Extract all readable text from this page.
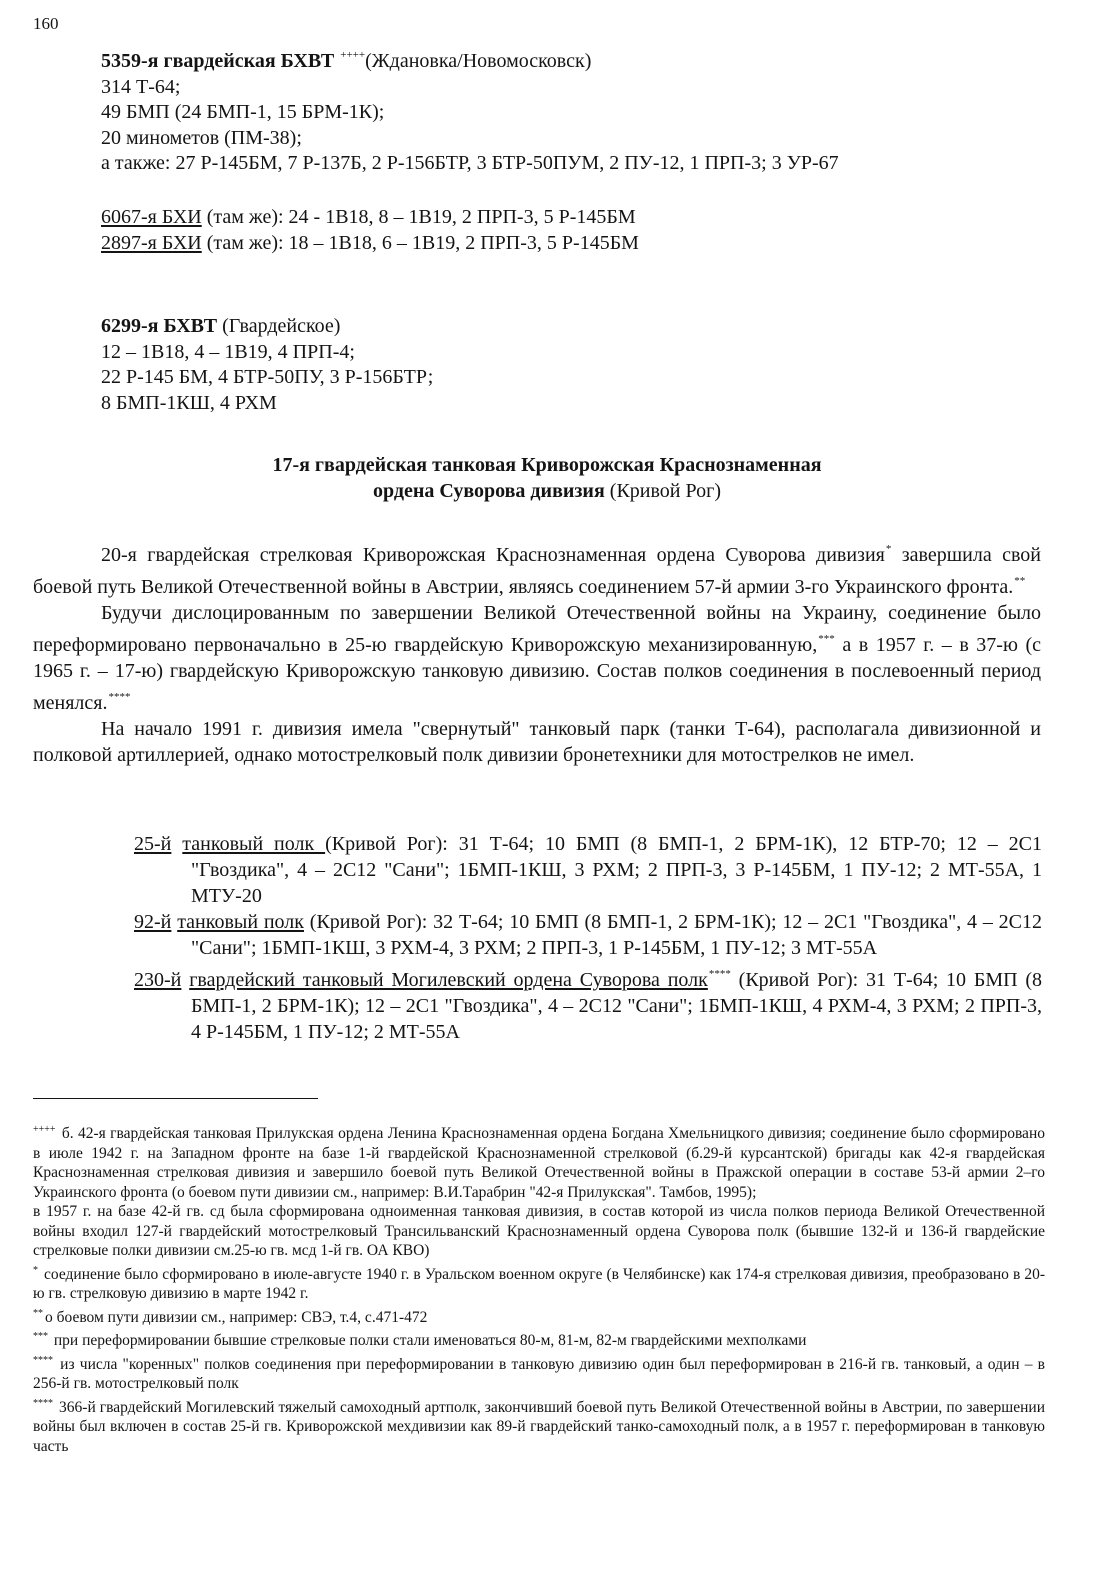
160

5359-я гвардейская БХВТ ++++(Ждановка/Новомосковск)

314 Т-64;

49 БМП (24 БМП-1, 15 БРМ-1К);

20 минометов (ПМ-38);

а также: 27 Р-145БМ, 7 Р-137Б, 2 Р-156БТР, 3 БТР-50ПУМ, 2 ПУ-12, 1 ПРП-3; 3 УР-67

6067-я БХИ (там же): 24 - 1В18, 8 – 1В19, 2 ПРП-3, 5 Р-145БМ

2897-я БХИ (там же): 18 – 1В18, 6 – 1В19, 2 ПРП-3, 5 Р-145БМ

6299-я БХВТ (Гвардейское)

12 – 1В18, 4 – 1В19, 4 ПРП-4;

22 Р-145 БМ, 4 БТР-50ПУ, 3 Р-156БТР;

8 БМП-1КШ, 4 РХМ

17-я гвардейская танковая Криворожская Краснознаменная

ордена Суворова дивизия (Кривой Рог)

20-я гвардейская стрелковая Криворожская Краснознаменная ордена Суворова дивизия* завершила свой боевой путь Великой Отечественной войны в Австрии, являясь соединением 57-й армии 3-го Украинского фронта.**

Будучи дислоцированным по завершении Великой Отечественной войны на Украину, соединение было переформировано первоначально в 25-ю гвардейскую Криворожскую механизированную,*** а в 1957 г. – в 37-ю (с 1965 г. – 17-ю) гвардейскую Криворожскую танковую дивизию. Состав полков соединения в послевоенный период менялся.****

На начало 1991 г. дивизия имела "свернутый" танковый парк (танки Т-64), располагала дивизионной и полковой артиллерией, однако мотострелковый полк дивизии бронетехники для мотострелков не имел.

25-й танковый полк (Кривой Рог): 31 Т-64; 10 БМП (8 БМП-1, 2 БРМ-1К), 12 БТР-70; 12 – 2С1 "Гвоздика", 4 – 2С12 "Сани"; 1БМП-1КШ, 3 РХМ; 2 ПРП-3, 3 Р-145БМ, 1 ПУ-12; 2 МТ-55А, 1 МТУ-20

92-й танковый полк (Кривой Рог): 32 Т-64; 10 БМП (8 БМП-1, 2 БРМ-1К); 12 – 2С1 "Гвоздика", 4 – 2С12 "Сани"; 1БМП-1КШ, 3 РХМ-4, 3 РХМ; 2 ПРП-3, 1 Р-145БМ, 1 ПУ-12; 3 МТ-55А

230-й гвардейский танковый Могилевский ордена Суворова полк**** (Кривой Рог): 31 Т-64; 10 БМП (8 БМП-1, 2 БРМ-1К); 12 – 2С1 "Гвоздика", 4 – 2С12 "Сани"; 1БМП-1КШ, 4 РХМ-4, 3 РХМ; 2 ПРП-3, 4 Р-145БМ, 1 ПУ-12; 2 МТ-55А

++++ б. 42-я гвардейская танковая Прилукская ордена Ленина Краснознаменная ордена Богдана Хмельницкого дивизия; соединение было сформировано в июле 1942 г. на Западном фронте на базе 1-й гвардейской Краснознаменной стрелковой (б.29-й курсантской) бригады как 42-я гвардейская Краснознаменная стрелковая дивизия и завершило боевой путь Великой Отечественной войны в Пражской операции в составе 53-й армии 2–го Украинского фронта (о боевом пути дивизии см., например: В.И.Тарабрин "42-я Прилукская". Тамбов, 1995);

в 1957 г. на базе 42-й гв. сд была сформирована одноименная танковая дивизия, в состав которой из числа полков периода Великой Отечественной войны входил 127-й гвардейский мотострелковый Трансильванский Краснознаменный ордена Суворова полк (бывшие 132-й и 136-й гвардейские стрелковые полки дивизии см.25-ю гв. мсд 1-й гв. ОА КВО)

* соединение было сформировано в июле-августе 1940 г. в Уральском военном округе (в Челябинске) как 174-я стрелковая дивизия, преобразовано в 20-ю гв. стрелковую дивизию в марте 1942 г.

** о боевом пути дивизии см., например: СВЭ, т.4, с.471-472

*** при переформировании бывшие стрелковые полки стали именоваться 80-м, 81-м, 82-м гвардейскими мехполками

**** из числа "коренных" полков соединения при переформировании в танковую дивизию один был переформирован в 216-й гв. танковый, а один – в 256-й гв. мотострелковый полк

**** 366-й гвардейский Могилевский тяжелый самоходный артполк, закончивший боевой путь Великой Отечественной войны в Австрии, по завершении войны был включен в состав 25-й гв. Криворожской мехдивизии как 89-й гвардейский танко-самоходный полк, а в 1957 г. переформирован в танковую часть
